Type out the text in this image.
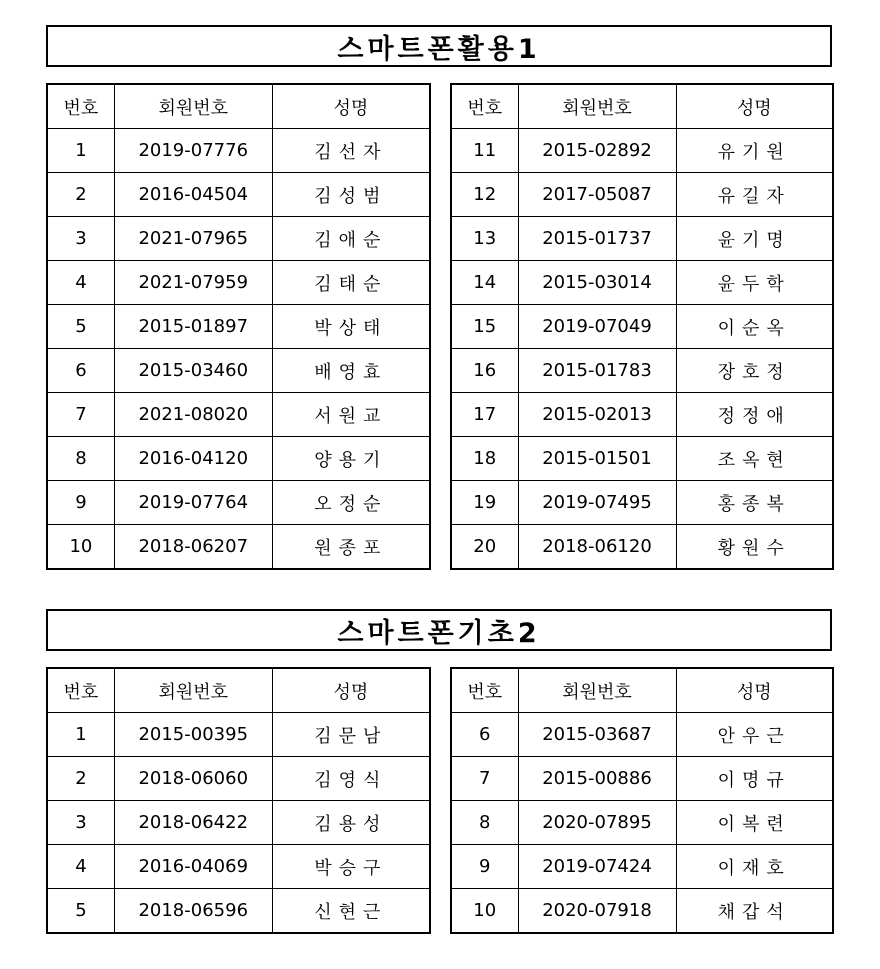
스마트폰활용1
번호	회원번호	성명
1	2019-07776	김선자
2	2016-04504	김성범
3	2021-07965	김애순
4	2021-07959	김태순
5	2015-01897	박상태
6	2015-03460	배영효
7	2021-08020	서원교
8	2016-04120	양용기
9	2019-07764	오정순
10	2018-06207	원종포
번호	회원번호	성명
11	2015-02892	유기원
12	2017-05087	유길자
13	2015-01737	윤기명
14	2015-03014	윤두학
15	2019-07049	이순옥
16	2015-01783	장호정
17	2015-02013	정정애
18	2015-01501	조옥현
19	2019-07495	홍종복
20	2018-06120	황원수
스마트폰기초2
번호	회원번호	성명
1	2015-00395	김문남
2	2018-06060	김영식
3	2018-06422	김용성
4	2016-04069	박승구
5	2018-06596	신현근
번호	회원번호	성명
6	2015-03687	안우근
7	2015-00886	이명규
8	2020-07895	이복련
9	2019-07424	이재호
10	2020-07918	채갑석
